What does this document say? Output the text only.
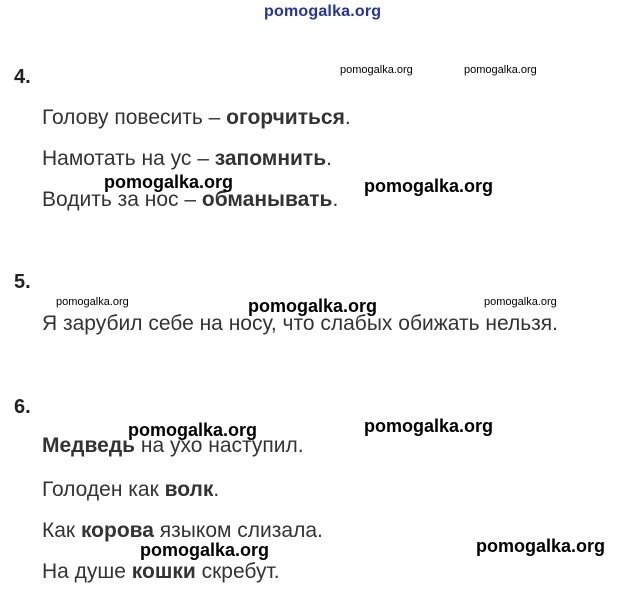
pomogalka.org
4.	pomogalka.org	pomogalka.org
Голову повесить – огорчиться.
Намотать на ус – запомнить.
Водить за нос – обманывать.
pomogalka.org	pomogalka.org
5.
pomogalka.org	pomogalka.org
Я зарубил себе на носу, что слабых обижать нельзя.
pomogalka.org
6.
pomogalka.org	pomogalka.org
Медведь на ухо наступил.
Голоден как волк.
Как корова языком слизала.
На душе кошки скребут.
pomogalka.org	pomogalka.org
